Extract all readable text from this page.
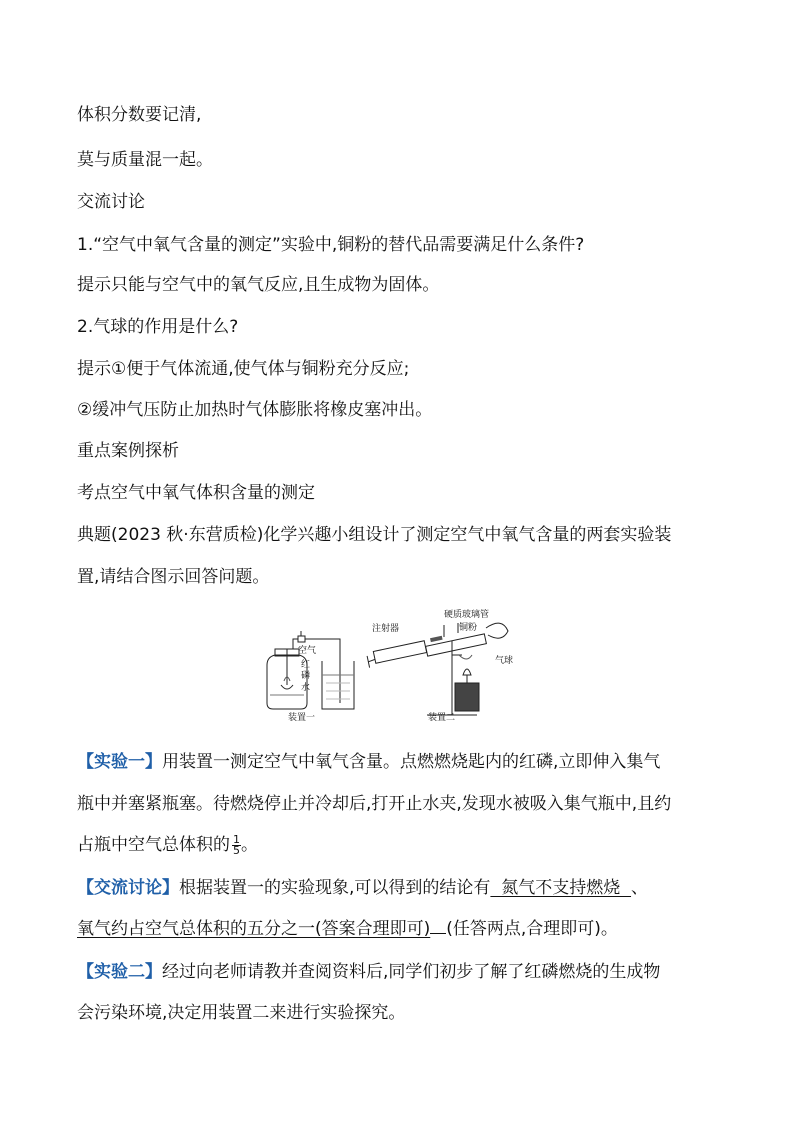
体积分数要记清,
莫与质量混一起。
交流讨论
1.“空气中氧气含量的测定”实验中,铜粉的替代品需要满足什么条件?
提示只能与空气中的氧气反应,且生成物为固体。
2.气球的作用是什么?
提示①便于气体流通,使气体与铜粉充分反应;
②缓冲气压防止加热时气体膨胀将橡皮塞冲出。
重点案例探析
考点空气中氧气体积含量的测定
典题(2023 秋·东营质检)化学兴趣小组设计了测定空气中氧气含量的两套实验装
置,请结合图示回答问题。
空气
红
磷
水
装置一
注射器
硬质玻璃管
铜粉
气球
装置二
【实验一】用装置一测定空气中氧气含量。点燃燃烧匙内的红磷,立即伸入集气
瓶中并塞紧瓶塞。待燃烧停止并冷却后,打开止水夹,发现水被吸入集气瓶中,且约
占瓶中空气总体积的 $\frac{1}{5}$ 。
【交流讨论】根据装置一的实验现象,可以得到的结论有  氮气不支持燃烧  、
氧气约占空气总体积的五分之一(答案合理即可) (任答两点,合理即可)。
【实验二】经过向老师请教并查阅资料后,同学们初步了解了红磷燃烧的生成物
会污染环境,决定用装置二来进行实验探究。
